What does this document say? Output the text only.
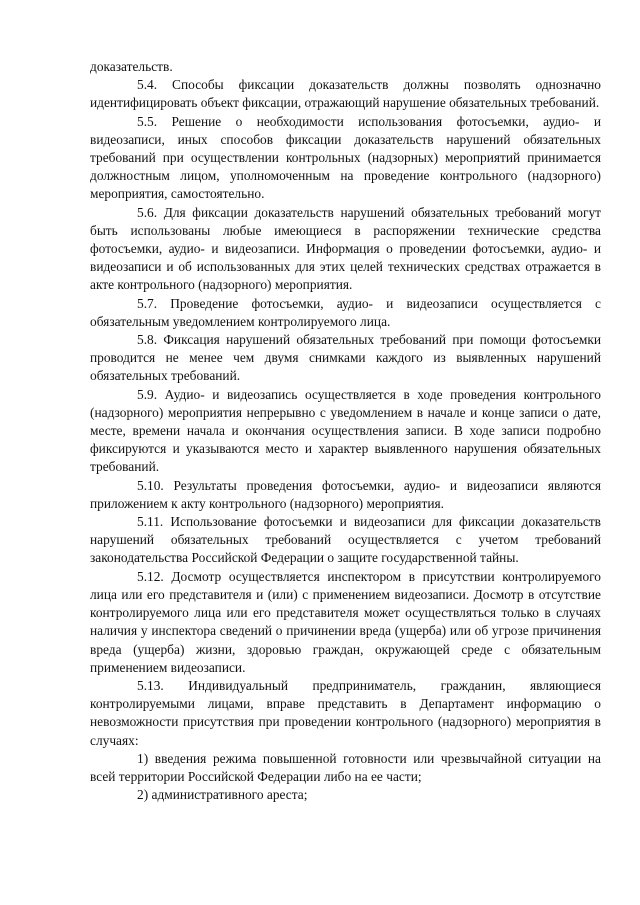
доказательств.

5.4. Способы фиксации доказательств должны позволять однозначно идентифицировать объект фиксации, отражающий нарушение обязательных требований.

5.5. Решение о необходимости использования фотосъемки, аудио- и видеозаписи, иных способов фиксации доказательств нарушений обязательных требований при осуществлении контрольных (надзорных) мероприятий принимается должностным лицом, уполномоченным на проведение контрольного (надзорного) мероприятия, самостоятельно.

5.6. Для фиксации доказательств нарушений обязательных требований могут быть использованы любые имеющиеся в распоряжении технические средства фотосъемки, аудио- и видеозаписи. Информация о проведении фотосъемки, аудио- и видеозаписи и об использованных для этих целей технических средствах отражается в акте контрольного (надзорного) мероприятия.

5.7. Проведение фотосъемки, аудио- и видеозаписи осуществляется с обязательным уведомлением контролируемого лица.

5.8. Фиксация нарушений обязательных требований при помощи фотосъемки проводится не менее чем двумя снимками каждого из выявленных нарушений обязательных требований.

5.9. Аудио- и видеозапись осуществляется в ходе проведения контрольного (надзорного) мероприятия непрерывно с уведомлением в начале и конце записи о дате, месте, времени начала и окончания осуществления записи. В ходе записи подробно фиксируются и указываются место и характер выявленного нарушения обязательных требований.

5.10. Результаты проведения фотосъемки, аудио- и видеозаписи являются приложением к акту контрольного (надзорного) мероприятия.

5.11. Использование фотосъемки и видеозаписи для фиксации доказательств нарушений обязательных требований осуществляется с учетом требований законодательства Российской Федерации о защите государственной тайны.

5.12. Досмотр осуществляется инспектором в присутствии контролируемого лица или его представителя и (или) с применением видеозаписи. Досмотр в отсутствие контролируемого лица или его представителя может осуществляться только в случаях наличия у инспектора сведений о причинении вреда (ущерба) или об угрозе причинения вреда (ущерба) жизни, здоровью граждан, окружающей среде с обязательным применением видеозаписи.

5.13. Индивидуальный предприниматель, гражданин, являющиеся контролируемыми лицами, вправе представить в Департамент информацию о невозможности присутствия при проведении контрольного (надзорного) мероприятия в случаях:

1) введения режима повышенной готовности или чрезвычайной ситуации на всей территории Российской Федерации либо на ее части;

2) административного ареста;
